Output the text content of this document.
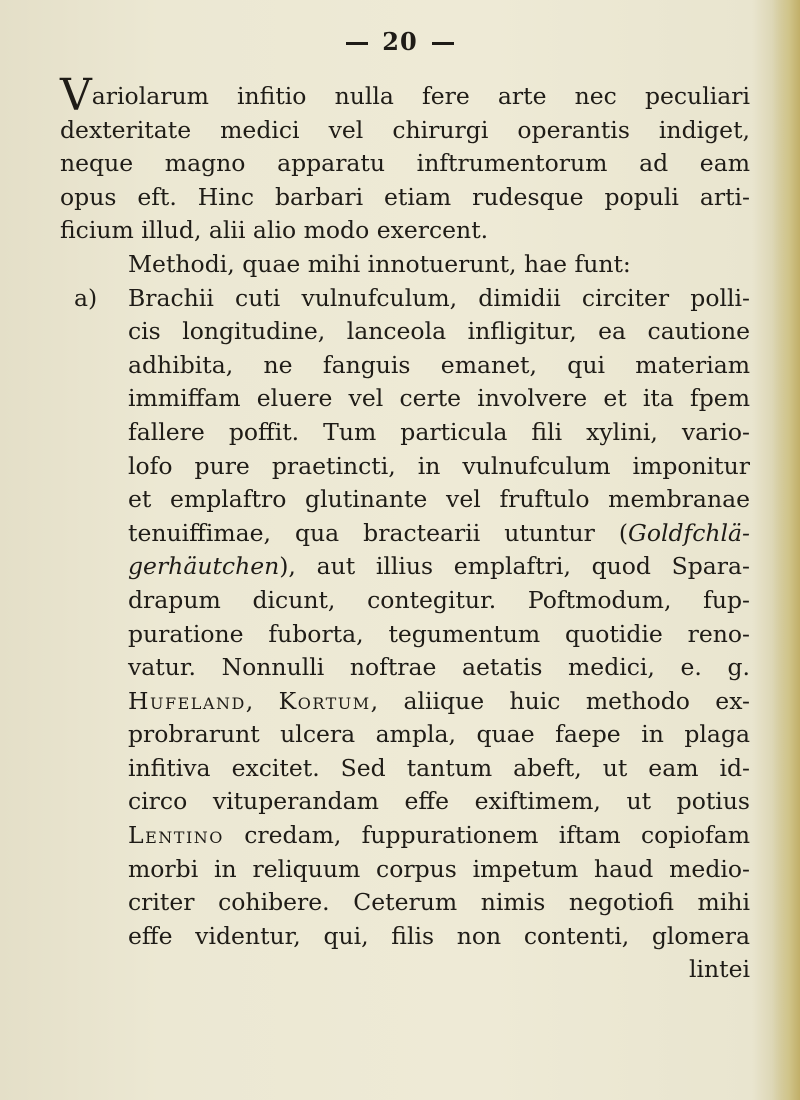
20
Variolarum infitio nulla fere arte nec peculiari
dexteritate medici vel chirurgi operantis indiget,
neque magno apparatu inftrumentorum ad eam
opus eft. Hinc barbari etiam rudesque populi arti-
ficium illud, alii alio modo exercent.
Methodi, quae mihi innotuerunt, hae funt:
a) Brachii cuti vulnufculum, dimidii circiter polli-
cis longitudine, lanceola infligitur, ea cautione
adhibita, ne fanguis emanet, qui materiam
immiffam eluere vel certe involvere et ita fpem
fallere poffit. Tum particula fili xylini, vario-
lofo pure praetincti, in vulnufculum imponitur
et emplaftro glutinante vel fruftulo membranae
tenuiffimae, qua bractearii utuntur (Goldfchlä-
gerhäutchen), aut illius emplaftri, quod Spara-
drapum dicunt, contegitur. Poftmodum, fup-
puratione fuborta, tegumentum quotidie reno-
vatur. Nonnulli noftrae aetatis medici, e. g.
Hufeland, Kortum, aliique huic methodo ex-
probrarunt ulcera ampla, quae faepe in plaga
infitiva excitet. Sed tantum abeft, ut eam id-
circo vituperandam effe exiftimem, ut potius
Lentino credam, fuppurationem iftam copiofam
morbi in reliquum corpus impetum haud medio-
criter cohibere. Ceterum nimis negotiofi mihi
effe videntur, qui, filis non contenti, glomera
lintei
